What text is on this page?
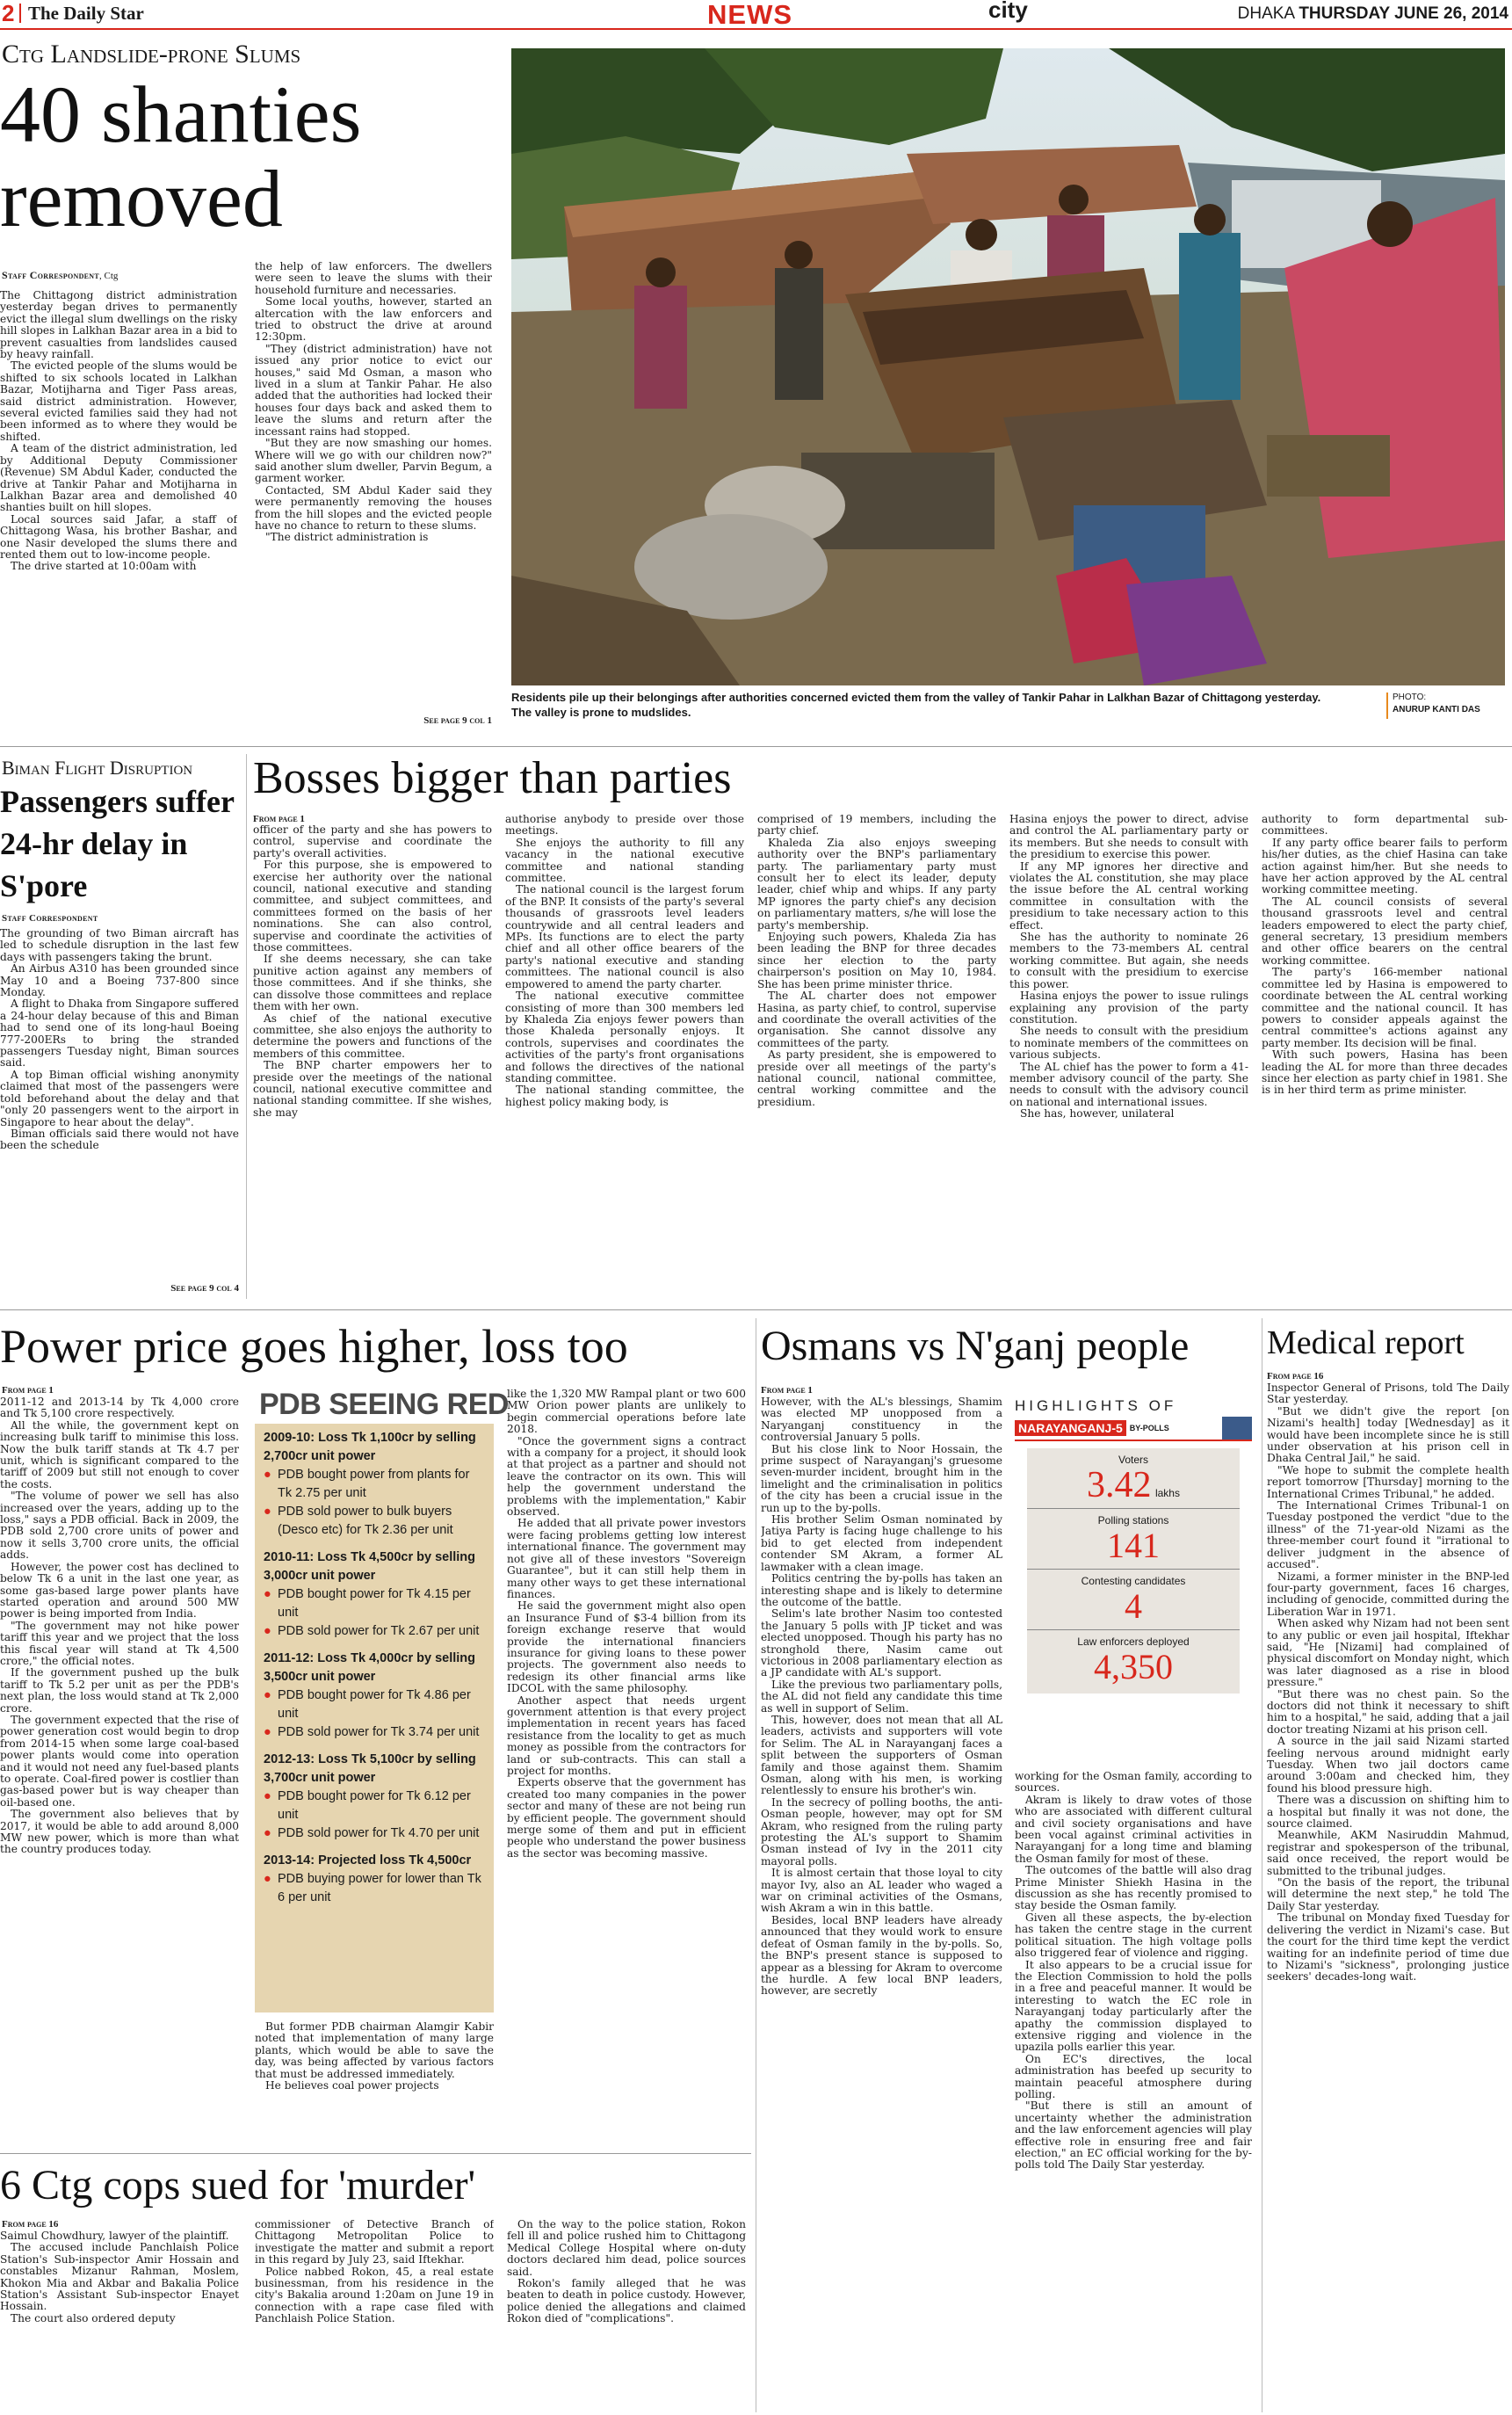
2 The Daily Star	NEWS	city	DHAKA THURSDAY JUNE 26, 2014
Ctg Landslide-prone Slums
40 shanties removed
Staff Correspondent, Ctg

The Chittagong district administration yesterday began drives to permanently evict the illegal slum dwellings on the risky hill slopes in Lalkhan Bazar area in a bid to prevent casualties from landslides caused by heavy rainfall.

The evicted people of the slums would be shifted to six schools located in Lalkhan Bazar, Motijharna and Tiger Pass areas, said district administration. However, several evicted families said they had not been informed as to where they would be shifted.

A team of the district administration, led by Additional Deputy Commissioner (Revenue) SM Abdul Kader, conducted the drive at Tankir Pahar and Motijharna in Lalkhan Bazar area and demolished 40 shanties built on hill slopes.

Local sources said Jafar, a staff of Chittagong Wasa, his brother Bashar, and one Nasir developed the slums there and rented them out to low-income people.

The drive started at 10:00am with

the help of law enforcers. The dwellers were seen to leave the slums with their household furniture and necessaries.

Some local youths, however, started an altercation with the law enforcers and tried to obstruct the drive at around 12:30pm.

"They (district administration) have not issued any prior notice to evict our houses," said Md Osman, a mason who lived in a slum at Tankir Pahar. He also added that the authorities had locked their houses four days back and asked them to leave the slums and return after the incessant rains had stopped.

"But they are now smashing our homes. Where will we go with our children now?" said another slum dweller, Parvin Begum, a garment worker.

Contacted, SM Abdul Kader said they were permanently removing the houses from the hill slopes and the evicted people have no chance to return to these slums.

"The district administration is

See page 9 col 1
Residents pile up their belongings after authorities concerned evicted them from the valley of Tankir Pahar in Lalkhan Bazar of Chittagong yesterday. The valley is prone to mudslides.
PHOTO:
ANURUP KANTI DAS
Biman Flight Disruption
Passengers suffer 24-hr delay in S'pore
Staff Correspondent

The grounding of two Biman aircraft has led to schedule disruption in the last few days with passengers taking the brunt.

An Airbus A310 has been grounded since May 10 and a Boeing 737-800 since Monday.

A flight to Dhaka from Singapore suffered a 24-hour delay because of this and Biman had to send one of its long-haul Boeing 777-200ERs to bring the stranded passengers Tuesday night, Biman sources said.

A top Biman official wishing anonymity claimed that most of the passengers were told beforehand about the delay and that "only 20 passengers went to the airport in Singapore to hear about the delay".

Biman officials said there would not have been the schedule

See page 9 col 4
Bosses bigger than parties
From page 1

officer of the party and she has powers to control, supervise and coordinate the party's overall activities.

For this purpose, she is empowered to exercise her authority over the national council, national executive and standing committee, and subject committees, and committees formed on the basis of her nominations. She can also control, supervise and coordinate the activities of those committees.

If she deems necessary, she can take punitive action against any members of those committees. And if she thinks, she can dissolve those committees and replace them with her own.

As chief of the national executive committee, she also enjoys the authority to determine the powers and functions of the members of this committee.

The BNP charter empowers her to preside over the meetings of the national council, national executive committee and national standing committee. If she wishes, she may

authorise anybody to preside over those meetings.

She enjoys the authority to fill any vacancy in the national executive committee and national standing committee.

The national council is the largest forum of the BNP. It consists of the party's several thousands of grassroots level leaders countrywide and all central leaders and MPs. Its functions are to elect the party chief and all other office bearers of the party's national executive and standing committees. The national council is also empowered to amend the party charter.

The national executive committee consisting of more than 300 members led by Khaleda Zia enjoys fewer powers than those Khaleda personally enjoys. It controls, supervises and coordinates the activities of the party's front organisations and follows the directives of the national standing committee.

The national standing committee, the highest policy making body, is

comprised of 19 members, including the party chief.

Khaleda Zia also enjoys sweeping authority over the BNP's parliamentary party. The parliamentary party must consult her to elect its leader, deputy leader, chief whip and whips. If any party MP ignores the party chief's any decision on parliamentary matters, s/he will lose the party's membership.

Enjoying such powers, Khaleda Zia has been leading the BNP for three decades since her election to the party chairperson's position on May 10, 1984. She has been prime minister thrice.

The AL charter does not empower Hasina, as party chief, to control, supervise and coordinate the overall activities of the organisation. She cannot dissolve any committees of the party.

As party president, she is empowered to preside over all meetings of the party's national council, national committee, central working committee and the presidium.

Hasina enjoys the power to direct, advise and control the AL parliamentary party or its members. But she needs to consult with the presidium to exercise this power.

If any MP ignores her directive and violates the AL constitution, she may place the issue before the AL central working committee in consultation with the presidium to take necessary action to this effect.

She has the authority to nominate 26 members to the 73-members AL central working committee. But again, she needs to consult with the presidium to exercise this power.

Hasina enjoys the power to issue rulings explaining any provision of the party constitution.

She needs to consult with the presidium to nominate members of the committees on various subjects.

The AL chief has the power to form a 41-member advisory council of the party. She needs to consult with the advisory council on national and international issues.

She has, however, unilateral

authority to form departmental sub-committees.

If any party office bearer fails to perform his/her duties, as the chief Hasina can take action against him/her. But she needs to have her action approved by the AL central working committee meeting.

The AL council consists of several thousand grassroots level and central leaders empowered to elect the party chief, general secretary, 13 presidium members and other office bearers on the central working committee.

The party's 166-member national committee led by Hasina is empowered to coordinate between the AL central working committee and the national council. It has powers to consider appeals against the central committee's actions against any party member. Its decision will be final.

With such powers, Hasina has been leading the AL for more than three decades since her election as party chief in 1981. She is in her third term as prime minister.

Power price goes higher, loss too
From page 1

2011-12 and 2013-14 by Tk 4,000 crore and Tk 5,100 crore respectively.

All the while, the government kept on increasing bulk tariff to minimise this loss. Now the bulk tariff stands at Tk 4.7 per unit, which is significant compared to the tariff of 2009 but still not enough to cover the costs.

"The volume of power we sell has also increased over the years, adding up to the loss," says a PDB official. Back in 2009, the PDB sold 2,700 crore units of power and now it sells 3,700 crore units, the official adds.

However, the power cost has declined to below Tk 6 a unit in the last one year, as some gas-based large power plants have started operation and around 500 MW power is being imported from India.

"The government may not hike power tariff this year and we project that the loss this fiscal year will stand at Tk 4,500 crore," the official notes.

If the government pushed up the bulk tariff to Tk 5.2 per unit as per the PDB's next plan, the loss would stand at Tk 2,000 crore.

The government expected that the rise of power generation cost would begin to drop from 2014-15 when some large coal-based power plants would come into operation and it would not need any fuel-based plants to operate. Coal-fired power is costlier than gas-based power but is way cheaper than oil-based one.

The government also believes that by 2017, it would be able to add around 8,000 MW new power, which is more than what the country produces today.

PDB SEEING RED
2009-10: Loss Tk 1,100cr by selling 2,700cr unit power
● PDB bought power from plants for Tk 2.75 per unit
● PDB sold power to bulk buyers (Desco etc) for Tk 2.36 per unit
2010-11: Loss Tk 4,500cr by selling 3,000cr unit power
● PDB bought power for Tk 4.15 per unit
● PDB sold power for Tk 2.67 per unit
2011-12: Loss Tk 4,000cr by selling 3,500cr unit power
● PDB bought power for Tk 4.86 per unit
● PDB sold power for Tk 3.74 per unit
2012-13: Loss Tk 5,100cr by selling 3,700cr unit power
● PDB bought power for Tk 6.12 per unit
● PDB sold power for Tk 4.70 per unit
2013-14: Projected loss Tk 4,500cr
● PDB buying power for lower than Tk 6 per unit

But former PDB chairman Alamgir Kabir noted that implementation of many large plants, which would be able to save the day, was being affected by various factors that must be addressed immediately.

He believes coal power projects

like the 1,320 MW Rampal plant or two 600 MW Orion power plants are unlikely to begin commercial operations before late 2018.

"Once the government signs a contract with a company for a project, it should look at that project as a partner and should not leave the contractor on its own. This will help the government understand the problems with the implementation," Kabir observed.

He added that all private power investors were facing problems getting low interest international finance. The government may not give all of these investors "Sovereign Guarantee", but it can still help them in many other ways to get these international finances.

He said the government might also open an Insurance Fund of $3-4 billion from its foreign exchange reserve that would provide the international financiers insurance for giving loans to these power projects. The government also needs to redesign its other financial arms like IDCOL with the same philosophy.

Another aspect that needs urgent government attention is that every project implementation in recent years has faced resistance from the locality to get as much money as possible from the contractors for land or sub-contracts. This can stall a project for months.

Experts observe that the government has created too many companies in the power sector and many of these are not being run by efficient people. The government should merge some of them and put in efficient people who understand the power business as the sector was becoming massive.

6 Ctg cops sued for 'murder'
From page 16

Saimul Chowdhury, lawyer of the plaintiff.

The accused include Panchlaish Police Station's Sub-inspector Amir Hossain and constables Mizanur Rahman, Moslem, Khokon Mia and Akbar and Bakalia Police Station's Assistant Sub-inspector Enayet Hossain.

The court also ordered deputy

commissioner of Detective Branch of Chittagong Metropolitan Police to investigate the matter and submit a report in this regard by July 23, said Iftekhar.

Police nabbed Rokon, 45, a real estate businessman, from his residence in the city's Bakalia around 1:20am on June 19 in connection with a rape case filed with Panchlaish Police Station.

On the way to the police station, Rokon fell ill and police rushed him to Chittagong Medical College Hospital where on-duty doctors declared him dead, police sources said.

Rokon's family alleged that he was beaten to death in police custody. However, police denied the allegations and claimed Rokon died of "complications".

Osmans vs N'ganj people
From page 1

However, with the AL's blessings, Shamim was elected MP unopposed from a Naryanganj constituency in the controversial January 5 polls.

But his close link to Noor Hossain, the prime suspect of Narayanganj's gruesome seven-murder incident, brought him in the limelight and the criminalisation in politics of the city has been a crucial issue in the run up to the by-polls.

His brother Selim Osman nominated by Jatiya Party is facing huge challenge to his bid to get elected from independent contender SM Akram, a former AL lawmaker with a clean image.

Politics centring the by-polls has taken an interesting shape and is likely to determine the outcome of the battle.

Selim's late brother Nasim too contested the January 5 polls with JP ticket and was elected unopposed. Though his party has no stronghold there, Nasim came out victorious in 2008 parliamentary election as a JP candidate with AL's support.

Like the previous two parliamentary polls, the AL did not field any candidate this time as well in support of Selim.

This, however, does not mean that all AL leaders, activists and supporters will vote for Selim. The AL in Narayanganj faces a split between the supporters of Osman family and those against them. Shamim Osman, along with his men, is working relentlessly to ensure his brother's win.

In the secrecy of polling booths, the anti-Osman people, however, may opt for SM Akram, who resigned from the ruling party protesting the AL's support to Shamim Osman instead of Ivy in the 2011 city mayoral polls.

It is almost certain that those loyal to city mayor Ivy, also an AL leader who waged a war on criminal activities of the Osmans, wish Akram a win in this battle.

Besides, local BNP leaders have already announced that they would work to ensure defeat of Osman family in the by-polls. So, the BNP's present stance is supposed to appear as a blessing for Akram to overcome the hurdle. A few local BNP leaders, however, are secretly

HIGHLIGHTS OF
NARAYANGANJ-5 BY-POLLS
Voters
3.42 lakhs
Polling stations
141
Contesting candidates
4
Law enforcers deployed
4,350

working for the Osman family, according to sources.

Akram is likely to draw votes of those who are associated with different cultural and civil society organisations and have been vocal against criminal activities in Narayanganj for a long time and blaming the Osman family for most of these.

The outcomes of the battle will also drag Prime Minister Shiekh Hasina in the discussion as she has recently promised to stay beside the Osman family.

Given all these aspects, the by-election has taken the centre stage in the current political situation. The high voltage polls also triggered fear of violence and rigging.

It also appears to be a crucial issue for the Election Commission to hold the polls in a free and peaceful manner. It would be interesting to watch the EC role in Narayanganj today particularly after the apathy the commission displayed to extensive rigging and violence in the upazila polls earlier this year.

On EC's directives, the local administration has beefed up security to maintain peaceful atmosphere during polling.

"But there is still an amount of uncertainty whether the administration and the law enforcement agencies will play effective role in ensuring free and fair election," an EC official working for the by-polls told The Daily Star yesterday.

Medical report
From page 16

Inspector General of Prisons, told The Daily Star yesterday.

"But we didn't give the report [on Nizami's health] today [Wednesday] as it would have been incomplete since he is still under observation at his prison cell in Dhaka Central Jail," he said.

"We hope to submit the complete health report tomorrow [Thursday] morning to the International Crimes Tribunal," he added.

The International Crimes Tribunal-1 on Tuesday postponed the verdict "due to the illness" of the 71-year-old Nizami as the three-member court found it "irrational to deliver judgment in the absence of accused".

Nizami, a former minister in the BNP-led four-party government, faces 16 charges, including of genocide, committed during the Liberation War in 1971.

When asked why Nizam had not been sent to any public or even jail hospital, Iftekhar said, "He [Nizami] had complained of physical discomfort on Monday night, which was later diagnosed as a rise in blood pressure."

"But there was no chest pain. So the doctors did not think it necessary to shift him to a hospital," he said, adding that a jail doctor treating Nizami at his prison cell.

A source in the jail said Nizami started feeling nervous around midnight early Tuesday. When two jail doctors came around 3:00am and checked him, they found his blood pressure high.

There was a discussion on shifting him to a hospital but finally it was not done, the source claimed.

Meanwhile, AKM Nasiruddin Mahmud, registrar and spokesperson of the tribunal, said once received, the report would be submitted to the tribunal judges.

"On the basis of the report, the tribunal will determine the next step," he told The Daily Star yesterday.

The tribunal on Monday fixed Tuesday for delivering the verdict in Nizami's case. But the court for the third time kept the verdict waiting for an indefinite period of time due to Nizami's "sickness", prolonging justice seekers' decades-long wait.
